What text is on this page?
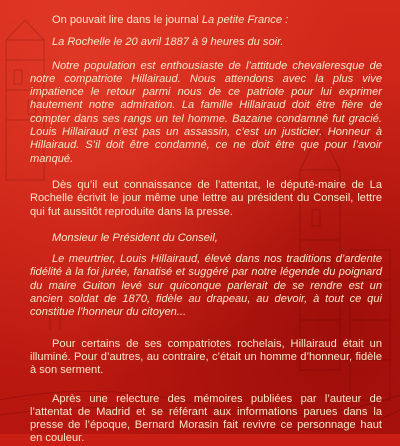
On pouvait lire dans le journal La petite France :

La Rochelle le 20 avril 1887 à 9 heures du soir.

Notre population est enthousiaste de l’attitude chevaleresque de notre compatriote Hillairaud. Nous attendons avec la plus vive impatience le retour parmi nous de ce patriote pour lui exprimer hautement notre admiration. La famille Hillairaud doit être fière de compter dans ses rangs un tel homme. Bazaine condamné fut gracié. Louis Hillairaud n’est pas un assassin, c’est un justicier. Honneur à Hillairaud. S’il doit être condamné, ce ne doit être que pour l’avoir manqué.

Dès qu’il eut connaissance de l’attentat, le député-maire de La Rochelle écrivit le jour même une lettre au président du Conseil, lettre qui fut aussitôt reproduite dans la presse.

Monsieur le Président du Conseil,

Le meurtrier, Louis Hillairaud, élevé dans nos traditions d’ardente fidélité à la foi jurée, fanatisé et suggéré par notre légende du poignard du maire Guiton levé sur quiconque parlerait de se rendre est un ancien soldat de 1870, fidèle au drapeau, au devoir, à tout ce qui constitue l’honneur du citoyen...

Pour certains de ses compatriotes rochelais, Hillairaud était un illuminé. Pour d’autres, au contraire, c’était un homme d’honneur, fidèle à son serment.

Après une relecture des mémoires publiées par l’auteur de l’attentat de Madrid et se référant aux informations parues dans la presse de l’époque, Bernard Morasin fait revivre ce personnage haut en couleur.
